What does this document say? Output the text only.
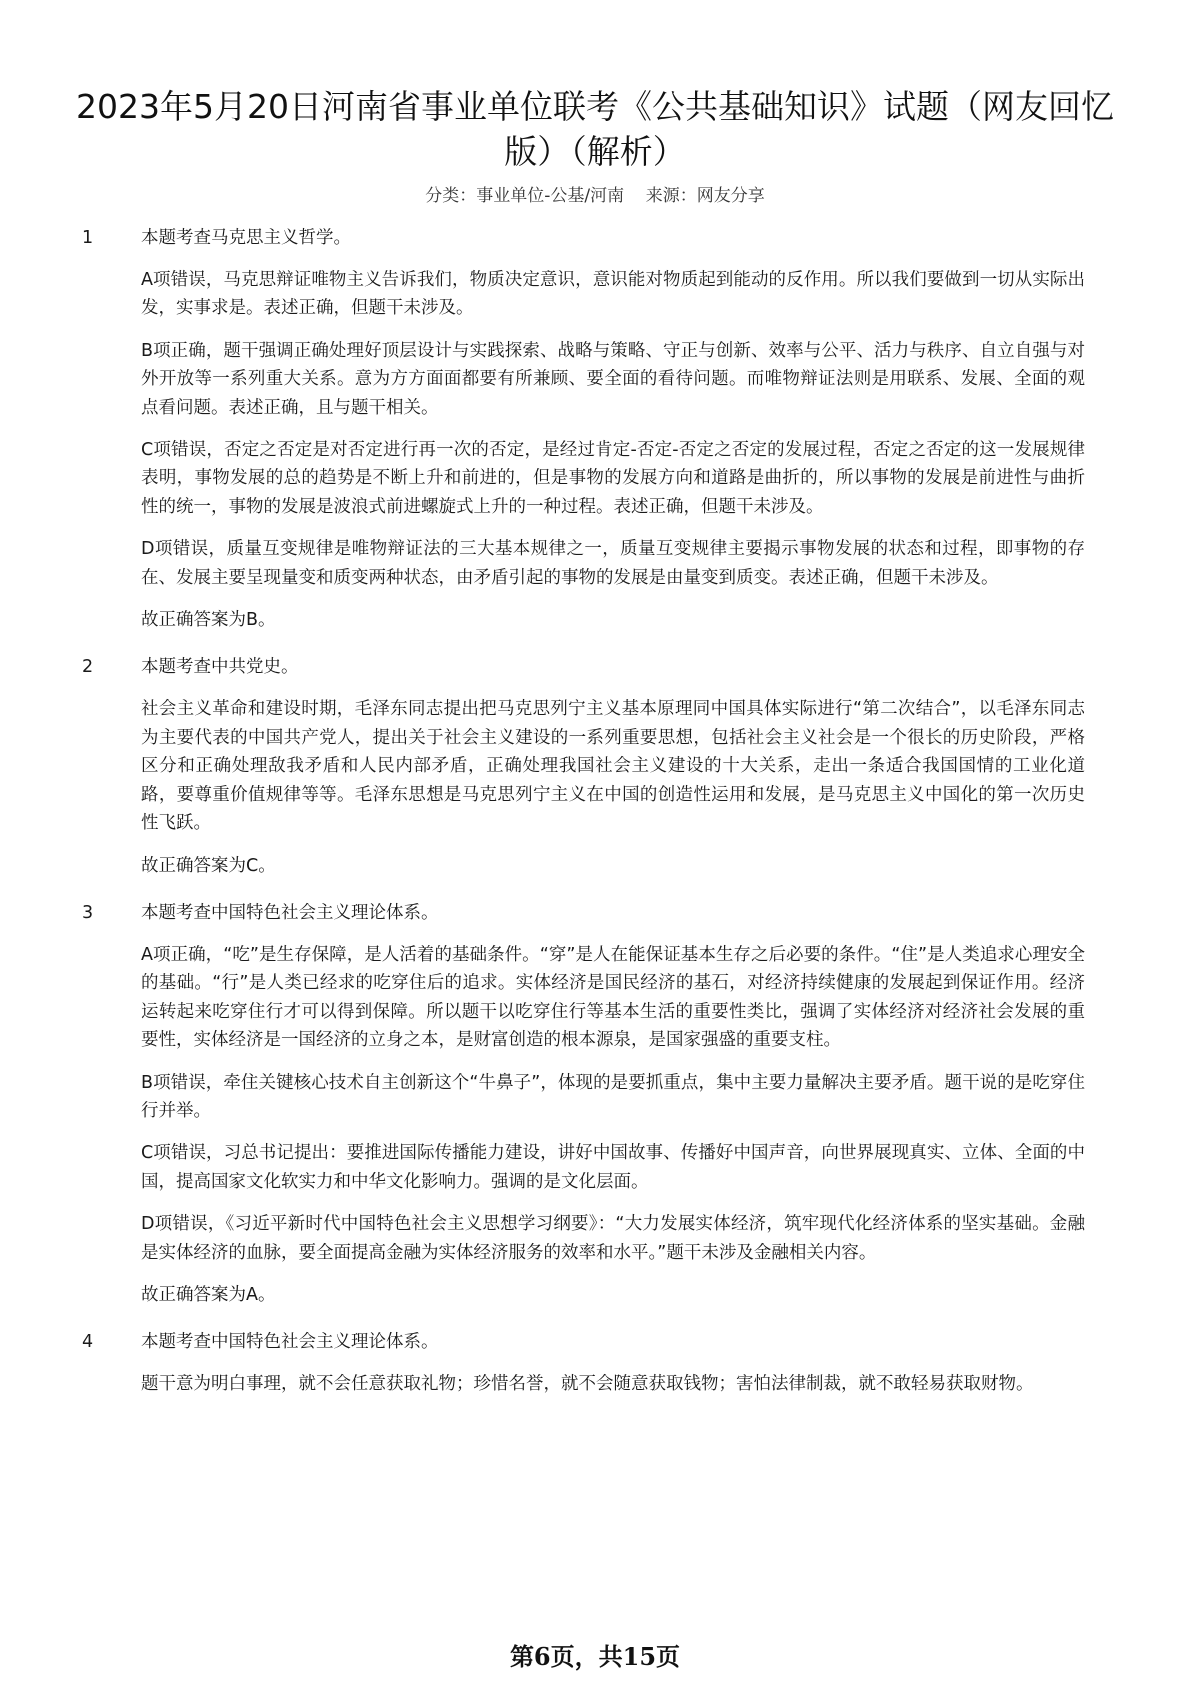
2023年5月20日河南省事业单位联考《公共基础知识》试题（网友回忆版）（解析）
分类：事业单位-公基/河南    来源：网友分享
1	本题考查马克思主义哲学。

A项错误，马克思辩证唯物主义告诉我们，物质决定意识，意识能对物质起到能动的反作用。所以我们要做到一切从实际出发，实事求是。表述正确，但题干未涉及。

B项正确，题干强调正确处理好顶层设计与实践探索、战略与策略、守正与创新、效率与公平、活力与秩序、自立自强与对外开放等一系列重大关系。意为方方面面都要有所兼顾、要全面的看待问题。而唯物辩证法则是用联系、发展、全面的观点看问题。表述正确，且与题干相关。

C项错误，否定之否定是对否定进行再一次的否定，是经过肯定-否定-否定之否定的发展过程，否定之否定的这一发展规律表明，事物发展的总的趋势是不断上升和前进的，但是事物的发展方向和道路是曲折的，所以事物的发展是前进性与曲折性的统一，事物的发展是波浪式前进螺旋式上升的一种过程。表述正确，但题干未涉及。

D项错误，质量互变规律是唯物辩证法的三大基本规律之一，质量互变规律主要揭示事物发展的状态和过程，即事物的存在、发展主要呈现量变和质变两种状态，由矛盾引起的事物的发展是由量变到质变。表述正确，但题干未涉及。

故正确答案为B。

2	本题考查中共党史。

社会主义革命和建设时期，毛泽东同志提出把马克思列宁主义基本原理同中国具体实际进行“第二次结合”，以毛泽东同志为主要代表的中国共产党人，提出关于社会主义建设的一系列重要思想，包括社会主义社会是一个很长的历史阶段，严格区分和正确处理敌我矛盾和人民内部矛盾，正确处理我国社会主义建设的十大关系，走出一条适合我国国情的工业化道路，要尊重价值规律等等。毛泽东思想是马克思列宁主义在中国的创造性运用和发展，是马克思主义中国化的第一次历史性飞跃。

故正确答案为C。

3	本题考查中国特色社会主义理论体系。

A项正确，“吃”是生存保障，是人活着的基础条件。“穿”是人在能保证基本生存之后必要的条件。“住”是人类追求心理安全的基础。“行”是人类已经求的吃穿住后的追求。实体经济是国民经济的基石，对经济持续健康的发展起到保证作用。经济运转起来吃穿住行才可以得到保障。所以题干以吃穿住行等基本生活的重要性类比，强调了实体经济对经济社会发展的重要性，实体经济是一国经济的立身之本，是财富创造的根本源泉，是国家强盛的重要支柱。

B项错误，牵住关键核心技术自主创新这个“牛鼻子”，体现的是要抓重点，集中主要力量解决主要矛盾。题干说的是吃穿住行并举。

C项错误，习总书记提出：要推进国际传播能力建设，讲好中国故事、传播好中国声音，向世界展现真实、立体、全面的中国，提高国家文化软实力和中华文化影响力。强调的是文化层面。

D项错误，《习近平新时代中国特色社会主义思想学习纲要》：“大力发展实体经济，筑牢现代化经济体系的坚实基础。金融是实体经济的血脉，要全面提高金融为实体经济服务的效率和水平。”题干未涉及金融相关内容。

故正确答案为A。

4	本题考查中国特色社会主义理论体系。

题干意为明白事理，就不会任意获取礼物；珍惜名誉，就不会随意获取钱物；害怕法律制裁，就不敢轻易获取财物。

第6页，共15页
